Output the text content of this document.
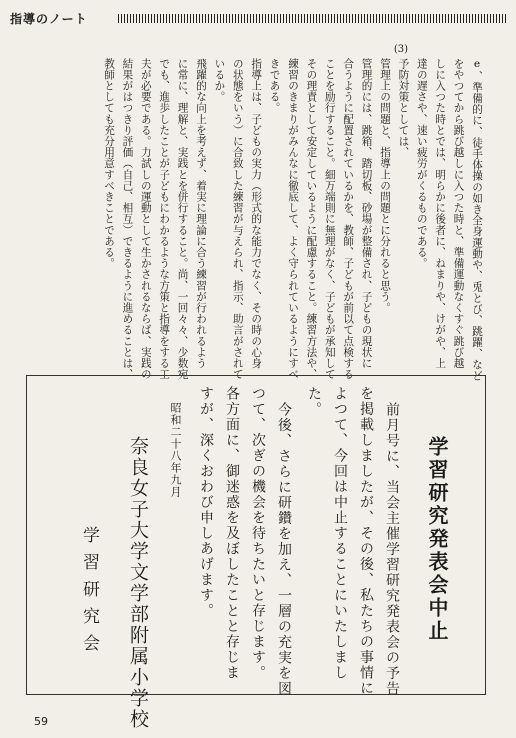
指導のノート
(3)
e、準備的に、徒手体操の如き全身運動や、兎とび、跳躍、など
をやつてから跳び越しに入つた時と、準備運動なくすぐ跳び越
しに入つた時とでは、明らかに後者に、ねまりや、けがや、上
達の遅さや、速い疲労がくるものである。
予防対策としては、
管理上の問題と、指導上の問題とに分れると思う。
管理的には、跳箱、踏切板、砂場が整備され、子どもの現状に
合うように配置されているかを、教師、子どもが前以て点検する
ことを励行すること。細万端則に無理がなく、子どもが承知して
その理責として安定しているように配慮すること。練習方法や、
練習のきまりがみんなに徹底して、よく守られているようにすべ
きである。
指導上は、子どもの実力（形式的な能力でなく、その時の心身
の状態をいう）に合致した練習が与えられ、指示、助言がされて
いるか。
飛躍的な向上を考えず、着実に理論に合う練習が行われるよう
に常に、理解と、実践とを併行すること。尚、一回々々、少数宛
でも、進歩したことが子どもにわかるような方策と指導をする工
夫が必要である。力試しの運動として生かされるならば、実践の
結果がはつきり評価（自己、相互）できるように進めることは、
教師としても充分用意すべきことである。
学習研究発表会中止
前月号に、当会主催学習研究発表会の予告
を掲載しましたが、その後、私たちの事情に
よつて、今回は中止することにいたしまし
た。
今後、さらに研鑽を加え、一層の充実を図
つて、次ぎの機会を待ちたいと存じます。
各方面に、御迷惑を及ぼしたことと存じま
すが、深くおわび申しあげます。
昭和二十八年九月
奈良女子大学文学部附属小学校
学習研究会
59
